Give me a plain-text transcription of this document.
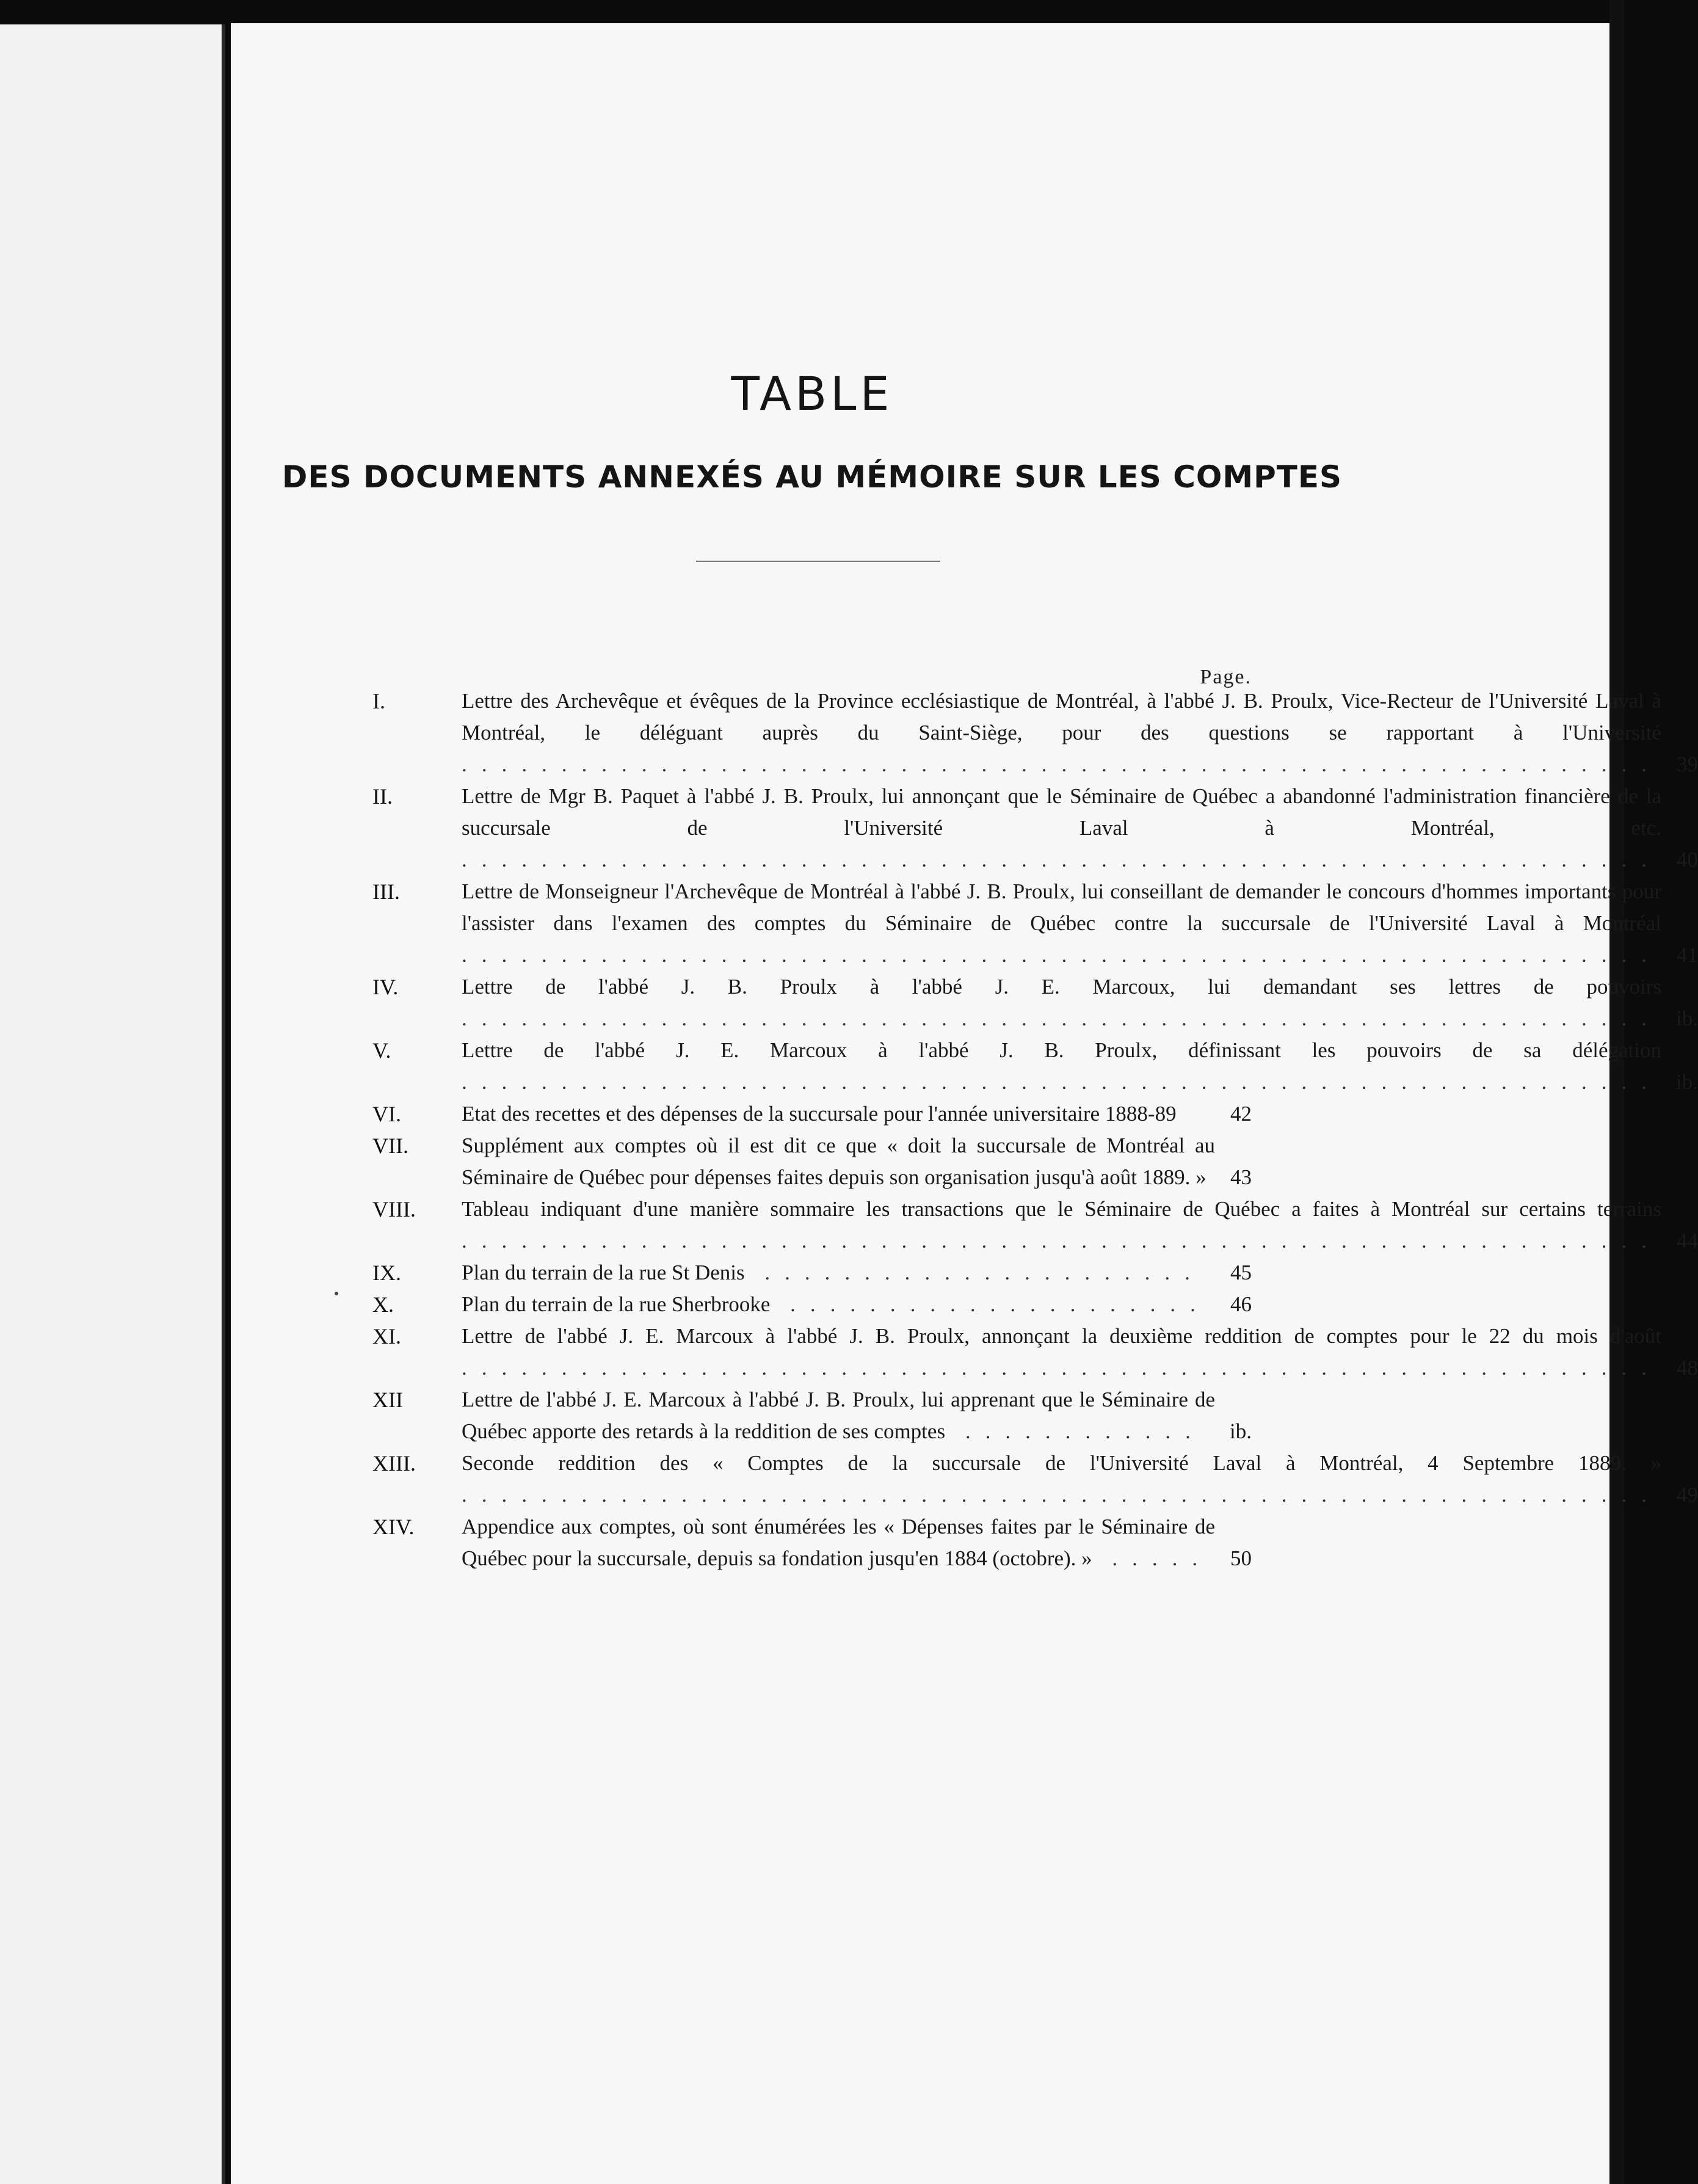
TABLE
DES DOCUMENTS ANNEXÉS AU MÉMOIRE SUR LES COMPTES
Page.
I.	Lettre des Archevêque et évêques de la Province ecclésiastique de Montréal, à l'abbé J. B. Proulx, Vice-Recteur de l'Université Laval à Montréal, le déléguant auprès du Saint-Siège, pour des questions se rapportant à l'Université ............................................................ 39
II.	Lettre de Mgr B. Paquet à l'abbé J. B. Proulx, lui annonçant que le Séminaire de Québec a abandonné l'administration financière de la succursale de l'Université Laval à Montréal, etc. ............................................................ 40
III.	Lettre de Monseigneur l'Archevêque de Montréal à l'abbé J. B. Proulx, lui conseillant de demander le concours d'hommes importants pour l'assister dans l'examen des comptes du Séminaire de Québec contre la succursale de l'Université Laval à Montréal ............................................................ 41
IV.	Lettre de l'abbé J. B. Proulx à l'abbé J. E. Marcoux, lui demandant ses lettres de pouvoirs ............................................................ ib.
V.	Lettre de l'abbé J. E. Marcoux à l'abbé J. B. Proulx, définissant les pouvoirs de sa délégation ............................................................ ib.
VI.	Etat des recettes et des dépenses de la succursale pour l'année universitaire 1888-89	42
VII.	Supplément aux comptes où il est dit ce que « doit la succursale de Montréal au Séminaire de Québec pour dépenses faites depuis son organisation jusqu'à août 1889. »	43
VIII.	Tableau indiquant d'une manière sommaire les transactions que le Séminaire de Québec a faites à Montréal sur certains terrains ............................................................ 44
IX.	Plan du terrain de la rue St Denis ......................	45
X.	Plan du terrain de la rue Sherbrooke ..................... 46
XI.	Lettre de l'abbé J. E. Marcoux à l'abbé J. B. Proulx, annonçant la deuxième reddition de comptes pour le 22 du mois d'août ............................................................ 48
XII	Lettre de l'abbé J. E. Marcoux à l'abbé J. B. Proulx, lui apprenant que le Séminaire de Québec apporte des retards à la reddition de ses comptes ............	ib.
XIII.	Seconde reddition des « Comptes de la succursale de l'Université Laval à Montréal, 4 Septembre 1889. » ............................................................ 49
XIV.	Appendice aux comptes, où sont énumérées les « Dépenses faites par le Séminaire de Québec pour la succursale, depuis sa fondation jusqu'en 1884 (octobre). » ..... 50
